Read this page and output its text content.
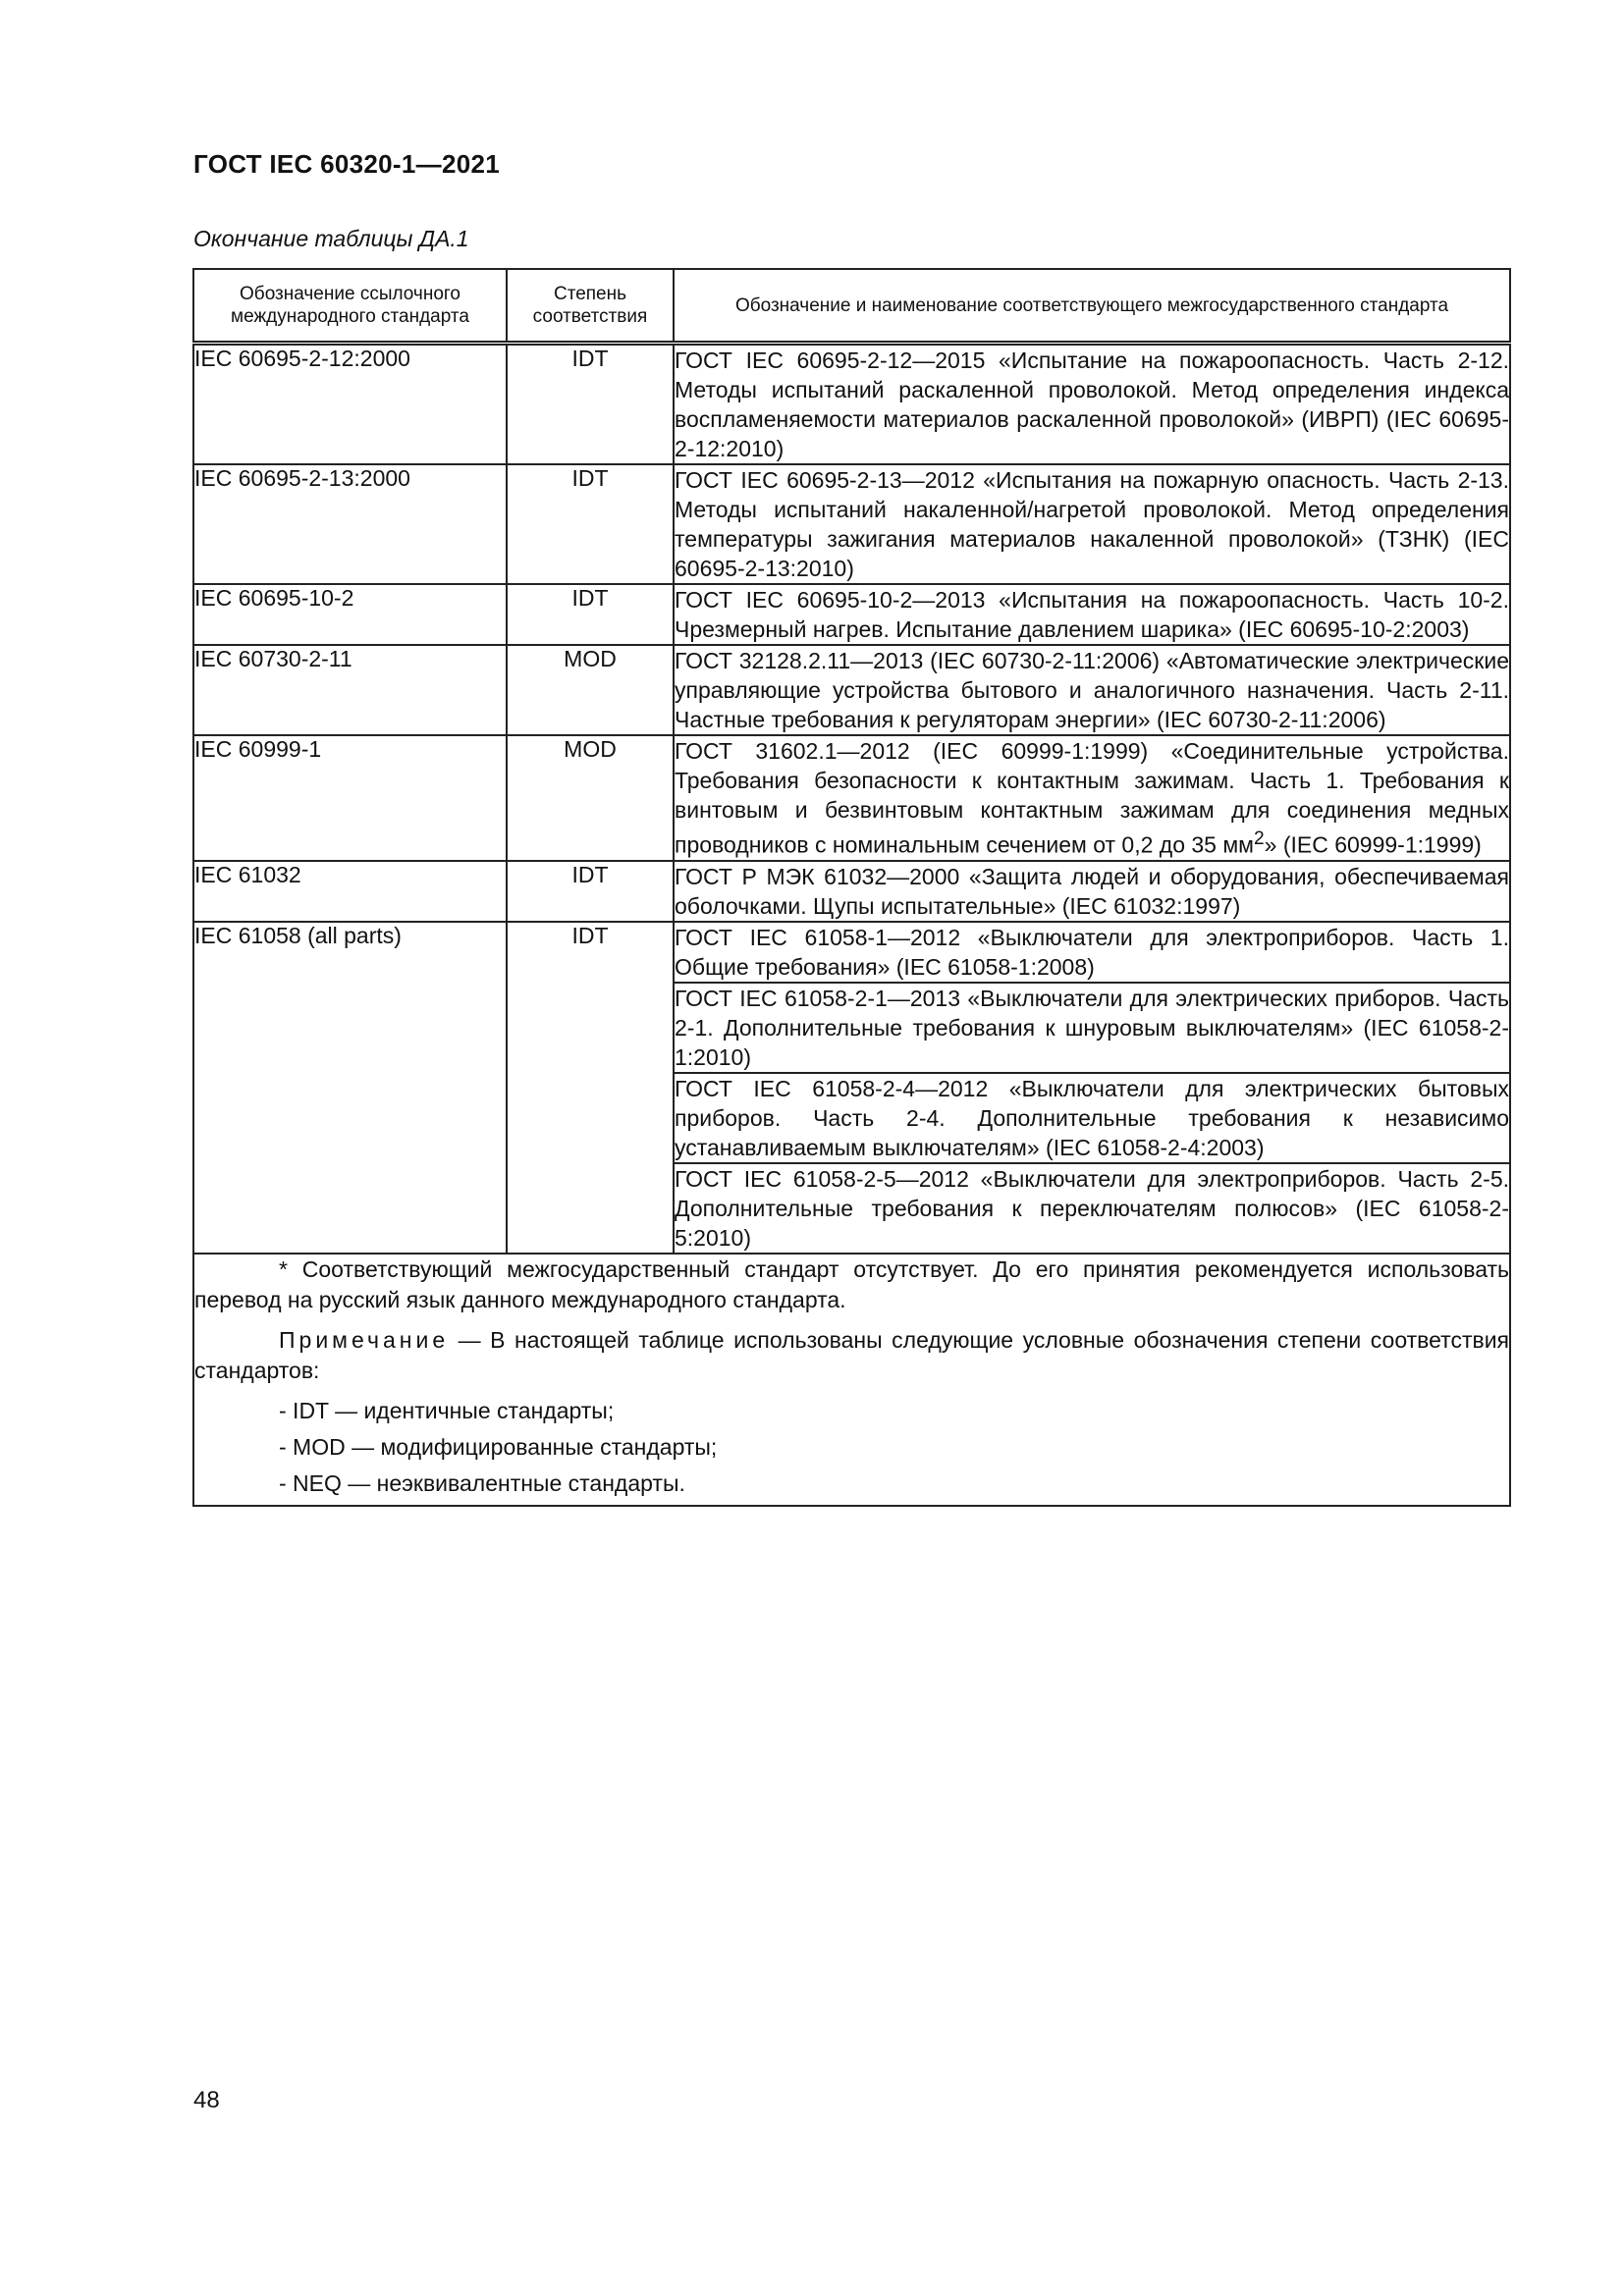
ГОСТ IEC 60320-1—2021
Окончание таблицы ДА.1
Обозначение ссылочного международного стандарта	Степень соответствия	Обозначение и наименование соответствующего межгосударственного стандарта
IEC 60695-2-12:2000	IDT	ГОСТ IEC 60695-2-12—2015 «Испытание на пожароопасность. Часть 2-12. Методы испытаний раскаленной проволокой. Метод определения индекса воспламеняемости материалов раскаленной проволокой» (ИВРП) (IEC 60695-2-12:2010)
IEC 60695-2-13:2000	IDT	ГОСТ IEC 60695-2-13—2012 «Испытания на пожарную опасность. Часть 2-13. Методы испытаний накаленной/нагретой проволокой. Метод определения температуры зажигания материалов накаленной проволокой» (ТЗНК) (IEC 60695-2-13:2010)
IEC 60695-10-2	IDT	ГОСТ IEC 60695-10-2—2013 «Испытания на пожароопасность. Часть 10-2. Чрезмерный нагрев. Испытание давлением шарика» (IEC 60695-10-2:2003)
IEC 60730-2-11	MOD	ГОСТ 32128.2.11—2013 (IEC 60730-2-11:2006) «Автоматические электрические управляющие устройства бытового и аналогичного назначения. Часть 2-11. Частные требования к регуляторам энергии» (IEC 60730-2-11:2006)
IEC 60999-1	MOD	ГОСТ 31602.1—2012 (IEC 60999-1:1999) «Соединительные устройства. Требования безопасности к контактным зажимам. Часть 1. Требования к винтовым и безвинтовым контактным зажимам для соединения медных проводников с номинальным сечением от 0,2 до 35 $мм^2$» (IEC 60999-1:1999)
IEC 61032	IDT	ГОСТ Р МЭК 61032—2000 «Защита людей и оборудования, обеспечиваемая оболочками. Щупы испытательные» (IEC 61032:1997)
IEC 61058 (all parts)	IDT	ГОСТ IEC 61058-1—2012 «Выключатели для электроприборов. Часть 1. Общие требования» (IEC 61058-1:2008)
		ГОСТ IEC 61058-2-1—2013 «Выключатели для электрических приборов. Часть 2-1. Дополнительные требования к шнуровым выключателям» (IEC 61058-2-1:2010)
		ГОСТ IEC 61058-2-4—2012 «Выключатели для электрических бытовых приборов. Часть 2-4. Дополнительные требования к независимо устанавливаемым выключателям» (IEC 61058-2-4:2003)
		ГОСТ IEC 61058-2-5—2012 «Выключатели для электроприборов. Часть 2-5. Дополнительные требования к переключателям полюсов» (IEC 61058-2-5:2010)

* Соответствующий межгосударственный стандарт отсутствует. До его принятия рекомендуется использовать перевод на русский язык данного международного стандарта.

Примечание — В настоящей таблице использованы следующие условные обозначения степени соответствия стандартов:

- IDT — идентичные стандарты;
- MOD — модифицированные стандарты;
- NEQ — неэквивалентные стандарты.		
48
